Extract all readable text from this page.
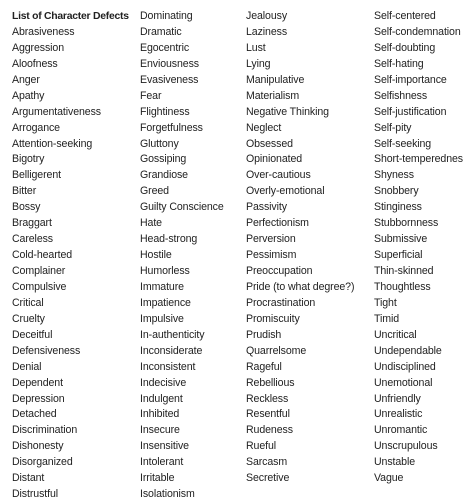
List of Character Defects
Abrasiveness
Aggression
Aloofness
Anger
Apathy
Argumentativeness
Arrogance
Attention-seeking
Bigotry
Belligerent
Bitter
Bossy
Braggart
Careless
Cold-hearted
Complainer
Compulsive
Critical
Cruelty
Deceitful
Defensiveness
Denial
Dependent
Depression
Detached
Discrimination
Dishonesty
Disorganized
Distant
Distrustful
Dominating
Dramatic
Egocentric
Enviousness
Evasiveness
Fear
Flightiness
Forgetfulness
Gluttony
Gossiping
Grandiose
Greed
Guilty Conscience
Hate
Head-strong
Hostile
Humorless
Immature
Impatience
Impulsive
In-authenticity
Inconsiderate
Inconsistent
Indecisive
Indulgent
Inhibited
Insecure
Insensitive
Intolerant
Irritable
Isolationism
Jealousy
Laziness
Lust
Lying
Manipulative
Materialism
Negative Thinking
Neglect
Obsessed
Opinionated
Over-cautious
Overly-emotional
Passivity
Perfectionism
Perversion
Pessimism
Preoccupation
Pride (to what degree?)
Procrastination
Promiscuity
Prudish
Quarrelsome
Rageful
Rebellious
Reckless
Resentful
Rudeness
Rueful
Sarcasm
Secretive
Self-centered
Self-condemnation
Self-doubting
Self-hating
Self-importance
Selfishness
Self-justification
Self-pity
Self-seeking
Short-temperednes
Shyness
Snobbery
Stinginess
Stubbornness
Submissive
Superficial
Thin-skinned
Thoughtless
Tight
Timid
Uncritical
Undependable
Undisciplined
Unemotional
Unfriendly
Unrealistic
Unromantic
Unscrupulous
Unstable
Vague
